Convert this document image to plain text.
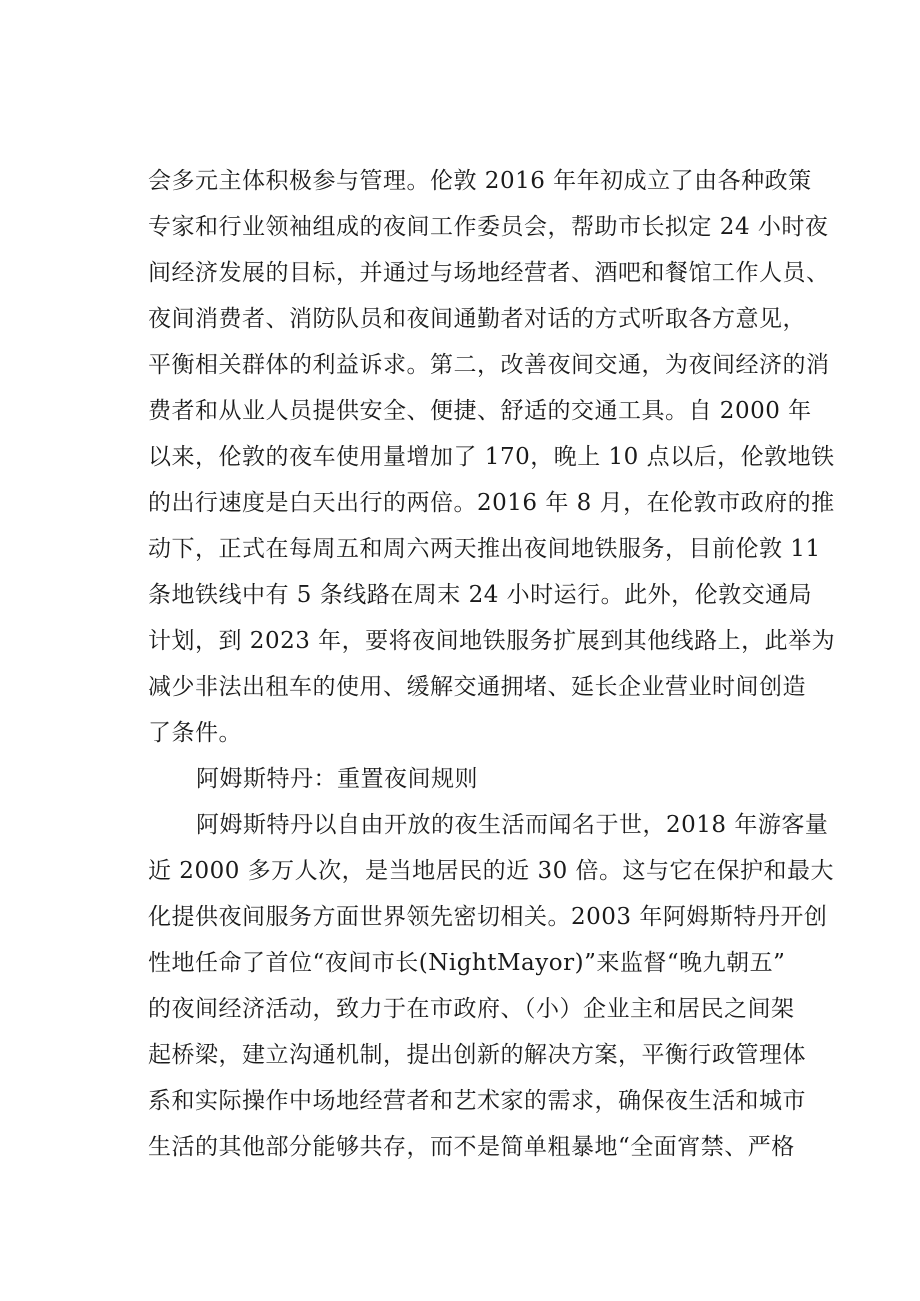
会多元主体积极参与管理。伦敦 2016 年年初成立了由各种政策
专家和行业领袖组成的夜间工作委员会，帮助市长拟定 24 小时夜
间经济发展的目标，并通过与场地经营者、酒吧和餐馆工作人员、
夜间消费者、消防队员和夜间通勤者对话的方式听取各方意见，
平衡相关群体的利益诉求。第二，改善夜间交通，为夜间经济的消
费者和从业人员提供安全、便捷、舒适的交通工具。自 2000 年
以来，伦敦的夜车使用量增加了 170，晚上 10 点以后，伦敦地铁
的出行速度是白天出行的两倍。2016 年 8 月，在伦敦市政府的推
动下，正式在每周五和周六两天推出夜间地铁服务，目前伦敦 11
条地铁线中有 5 条线路在周末 24 小时运行。此外，伦敦交通局
计划，到 2023 年，要将夜间地铁服务扩展到其他线路上，此举为
减少非法出租车的使用、缓解交通拥堵、延长企业营业时间创造
了条件。
阿姆斯特丹：重置夜间规则
阿姆斯特丹以自由开放的夜生活而闻名于世，2018 年游客量
近 2000 多万人次，是当地居民的近 30 倍。这与它在保护和最大
化提供夜间服务方面世界领先密切相关。2003 年阿姆斯特丹开创
性地任命了首位“夜间市长(NightMayor)”来监督“晚九朝五”
的夜间经济活动，致力于在市政府、（小）企业主和居民之间架
起桥梁，建立沟通机制，提出创新的解决方案，平衡行政管理体
系和实际操作中场地经营者和艺术家的需求，确保夜生活和城市
生活的其他部分能够共存，而不是简单粗暴地“全面宵禁、严格
